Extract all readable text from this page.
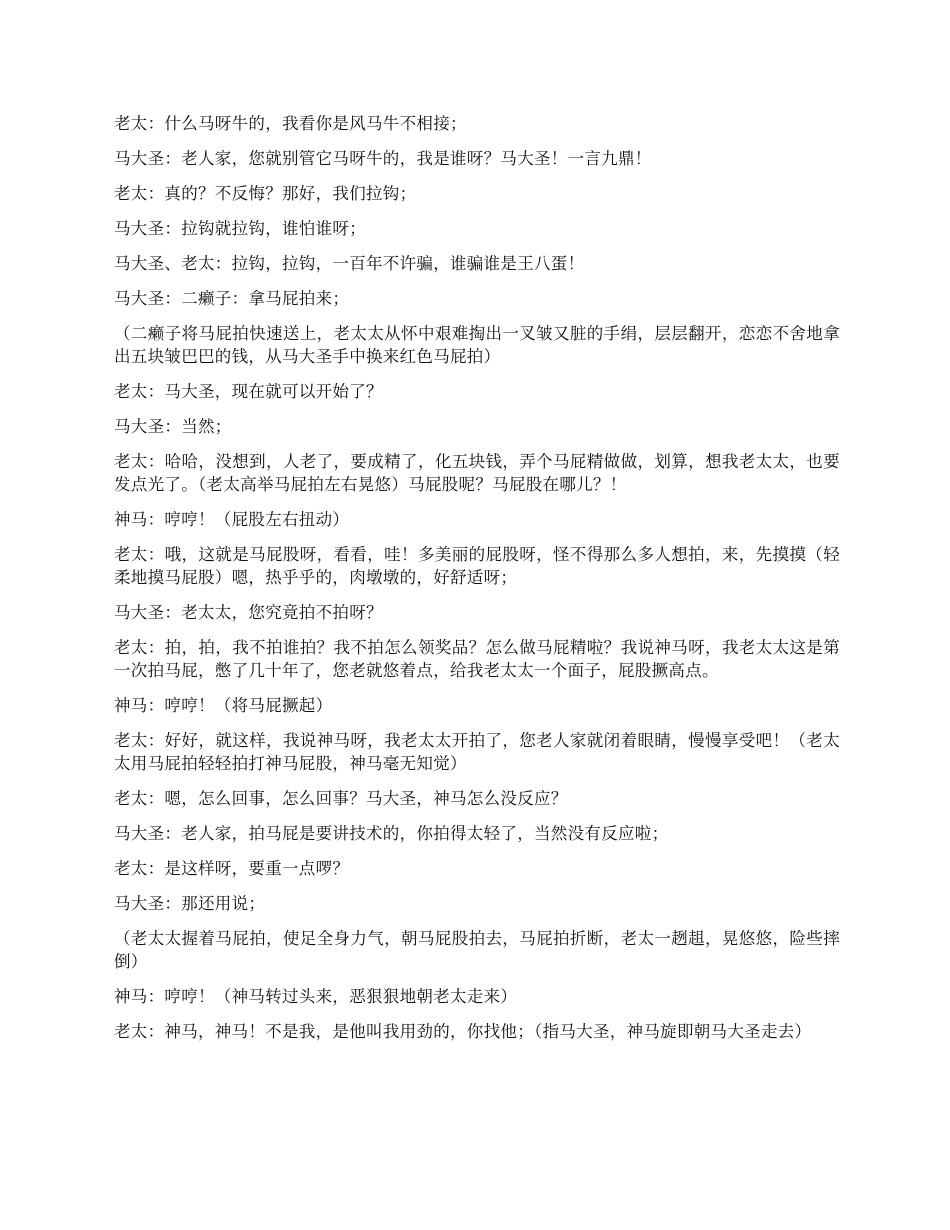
老太：什么马呀牛的，我看你是风马牛不相接；

马大圣：老人家，您就别管它马呀牛的，我是谁呀？马大圣！一言九鼎！

老太：真的？不反悔？那好，我们拉钩；

马大圣：拉钩就拉钩，谁怕谁呀；

马大圣、老太：拉钩，拉钩，一百年不许骗，谁骗谁是王八蛋！

马大圣：二癞子：拿马屁拍来；

（二癞子将马屁拍快速送上，老太太从怀中艰难掏出一叉皱又脏的手绢，层层翻开，恋恋不舍地拿出五块皱巴巴的钱，从马大圣手中换来红色马屁拍）

老太：马大圣，现在就可以开始了？

马大圣：当然；

老太：哈哈，没想到，人老了，要成精了，化五块钱，弄个马屁精做做，划算，想我老太太，也要发点光了。（老太高举马屁拍左右晃悠）马屁股呢？马屁股在哪儿？！

神马：哼哼！（屁股左右扭动）

老太：哦，这就是马屁股呀，看看，哇！多美丽的屁股呀，怪不得那么多人想拍，来，先摸摸（轻柔地摸马屁股）嗯，热乎乎的，肉墩墩的，好舒适呀；

马大圣：老太太，您究竟拍不拍呀？

老太：拍，拍，我不拍谁拍？我不拍怎么领奖品？怎么做马屁精啦？我说神马呀，我老太太这是第一次拍马屁，憋了几十年了，您老就悠着点，给我老太太一个面子，屁股撅高点。

神马：哼哼！（将马屁撅起）

老太：好好，就这样，我说神马呀，我老太太开拍了，您老人家就闭着眼睛，慢慢享受吧！（老太太用马屁拍轻轻拍打神马屁股，神马毫无知觉）

老太：嗯，怎么回事，怎么回事？马大圣，神马怎么没反应？

马大圣：老人家，拍马屁是要讲技术的，你拍得太轻了，当然没有反应啦；

老太：是这样呀，要重一点啰？

马大圣：那还用说；

（老太太握着马屁拍，使足全身力气，朝马屁股拍去，马屁拍折断，老太一趔趄，晃悠悠，险些摔倒）

神马：哼哼！（神马转过头来，恶狠狠地朝老太走来）

老太：神马，神马！不是我，是他叫我用劲的，你找他；（指马大圣，神马旋即朝马大圣走去）
